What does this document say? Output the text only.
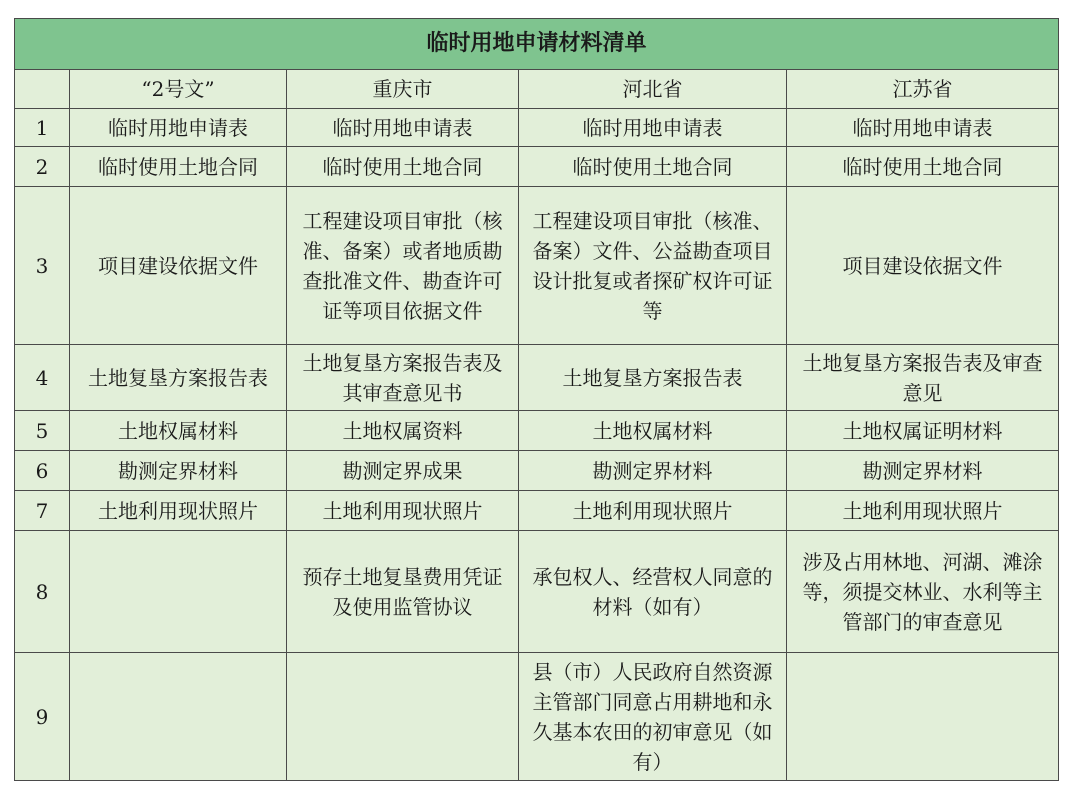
临时用地申请材料清单				
	“2号文”	重庆市	河北省	江苏省
1	临时用地申请表	临时用地申请表	临时用地申请表	临时用地申请表
2	临时使用土地合同	临时使用土地合同	临时使用土地合同	临时使用土地合同
3	项目建设依据文件	工程建设项目审批（核准、备案）或者地质勘查批准文件、勘查许可证等项目依据文件	工程建设项目审批（核准、备案）文件、公益勘查项目设计批复或者探矿权许可证等	项目建设依据文件
4	土地复垦方案报告表	土地复垦方案报告表及其审查意见书	土地复垦方案报告表	土地复垦方案报告表及审查意见
5	土地权属材料	土地权属资料	土地权属材料	土地权属证明材料
6	勘测定界材料	勘测定界成果	勘测定界材料	勘测定界材料
7	土地利用现状照片	土地利用现状照片	土地利用现状照片	土地利用现状照片
8		预存土地复垦费用凭证及使用监管协议	承包权人、经营权人同意的材料（如有）	涉及占用林地、河湖、滩涂等，须提交林业、水利等主管部门的审查意见
9			县（市）人民政府自然资源主管部门同意占用耕地和永久基本农田的初审意见（如有）	
